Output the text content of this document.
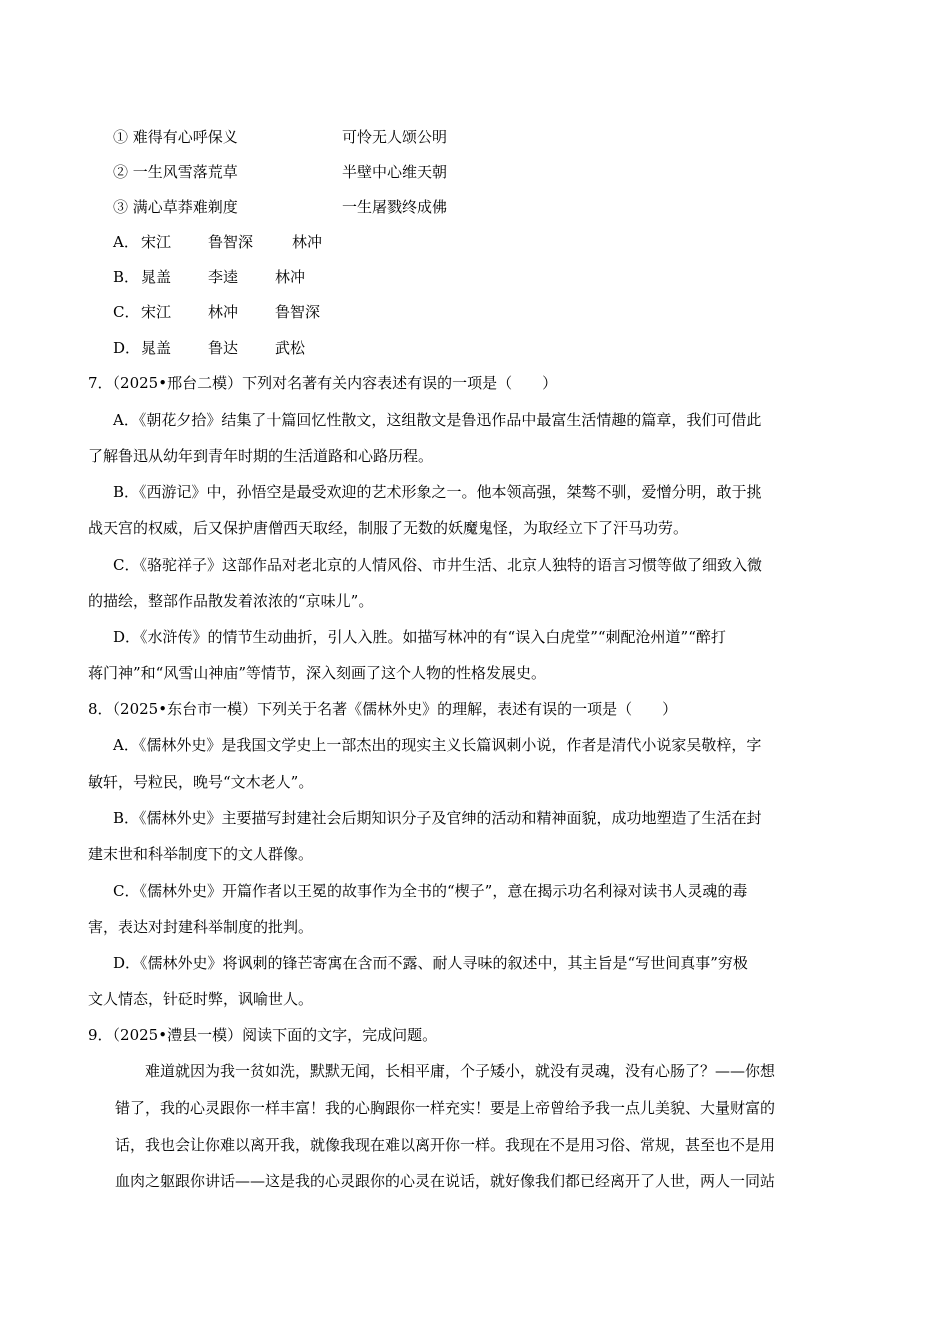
① 难得有心呼保义	可怜无人颂公明
② 一生风雪落荒草	半壁中心维天朝
③ 满心草莽难剃度	一生屠戮终成佛
A． 宋江 鲁智深	林冲
B． 晁盖 李逵 林冲
C． 宋江 林冲 鲁智深
D．晁盖 鲁达 武松
7．（2025•邢台二模）下列对名著有关内容表述有误的一项是（　　）
A．《朝花夕拾》结集了十篇回忆性散文，这组散文是鲁迅作品中最富生活情趣的篇章，我们可借此
了解鲁迅从幼年到青年时期的生活道路和心路历程。
B．《西游记》中，孙悟空是最受欢迎的艺术形象之一。他本领高强，桀骜不驯，爱憎分明，敢于挑
战天宫的权威，后又保护唐僧西天取经，制服了无数的妖魔鬼怪，为取经立下了汗马功劳。
C．《骆驼祥子》这部作品对老北京的人情风俗、市井生活、北京人独特的语言习惯等做了细致入微
的描绘，整部作品散发着浓浓的“京味儿”。
D．《水浒传》的情节生动曲折，引人入胜。如描写林冲的有“误入白虎堂”“刺配沧州道”“醉打
蒋门神”和“风雪山神庙”等情节，深入刻画了这个人物的性格发展史。
8．（2025•东台市一模）下列关于名著《儒林外史》的理解，表述有误的一项是（　　）
A．《儒林外史》是我国文学史上一部杰出的现实主义长篇讽刺小说，作者是清代小说家吴敬梓，字
敏轩，号粒民，晚号“文木老人”。
B．《儒林外史》主要描写封建社会后期知识分子及官绅的活动和精神面貌，成功地塑造了生活在封
建末世和科举制度下的文人群像。
C．《儒林外史》开篇作者以王冕的故事作为全书的“楔子”，意在揭示功名利禄对读书人灵魂的毒
害，表达对封建科举制度的批判。
D．《儒林外史》将讽刺的锋芒寄寓在含而不露、耐人寻味的叙述中，其主旨是“写世间真事”穷极
文人情态，针砭时弊，讽喻世人。
9．（2025•澧县一模）阅读下面的文字，完成问题。
　　难道就因为我一贫如洗，默默无闻，长相平庸，个子矮小，就没有灵魂，没有心肠了？——你想
错了，我的心灵跟你一样丰富！我的心胸跟你一样充实！要是上帝曾给予我一点儿美貌、大量财富的
话，我也会让你难以离开我，就像我现在难以离开你一样。我现在不是用习俗、常规，甚至也不是用
血肉之躯跟你讲话——这是我的心灵跟你的心灵在说话，就好像我们都已经离开了人世，两人一同站
